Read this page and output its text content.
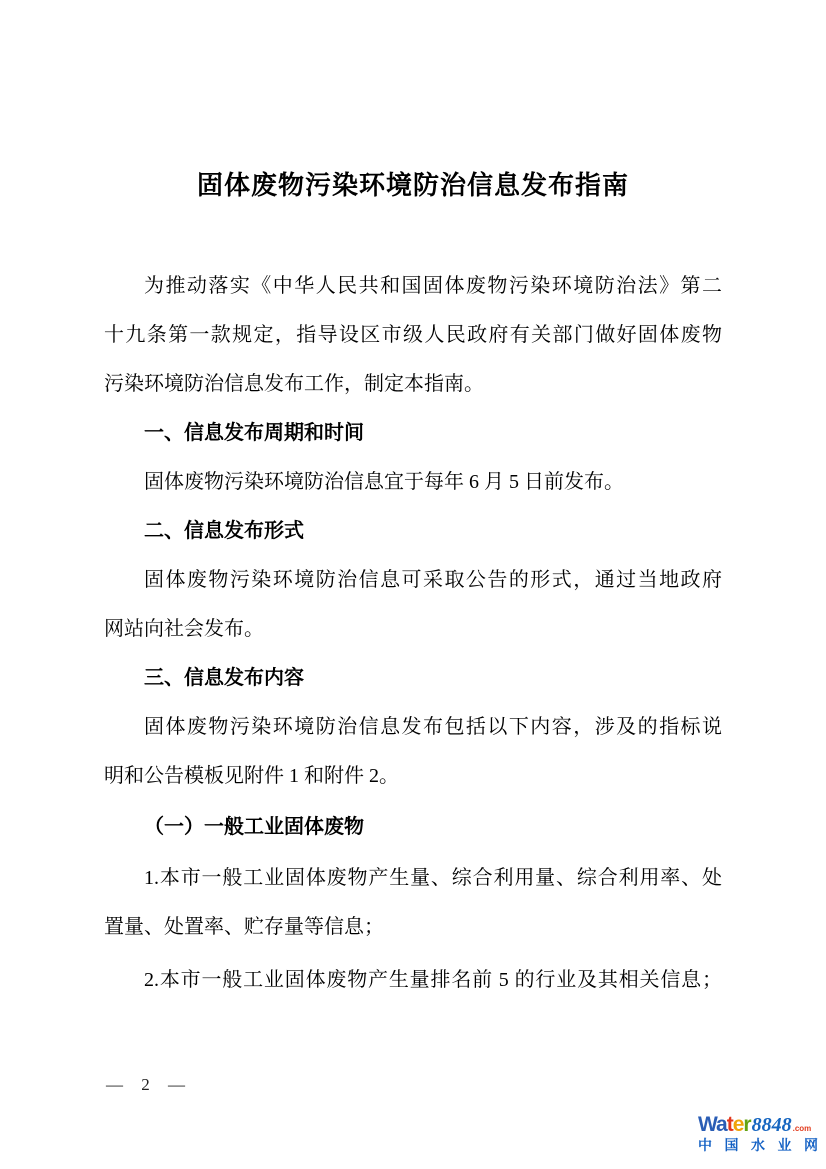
固体废物污染环境防治信息发布指南

为推动落实《中华人民共和国固体废物污染环境防治法》第二
十九条第一款规定，指导设区市级人民政府有关部门做好固体废物
污染环境防治信息发布工作，制定本指南。

一、信息发布周期和时间

固体废物污染环境防治信息宜于每年 6 月 5 日前发布。

二、信息发布形式

固体废物污染环境防治信息可采取公告的形式，通过当地政府
网站向社会发布。

三、信息发布内容

固体废物污染环境防治信息发布包括以下内容，涉及的指标说
明和公告模板见附件 1 和附件 2。

（一）一般工业固体废物

1.本市一般工业固体废物产生量、综合利用量、综合利用率、处
置量、处置率、贮存量等信息；

2.本市一般工业固体废物产生量排名前 5 的行业及其相关信息；

— 2 —
Water 8848 .com
中国水业网
